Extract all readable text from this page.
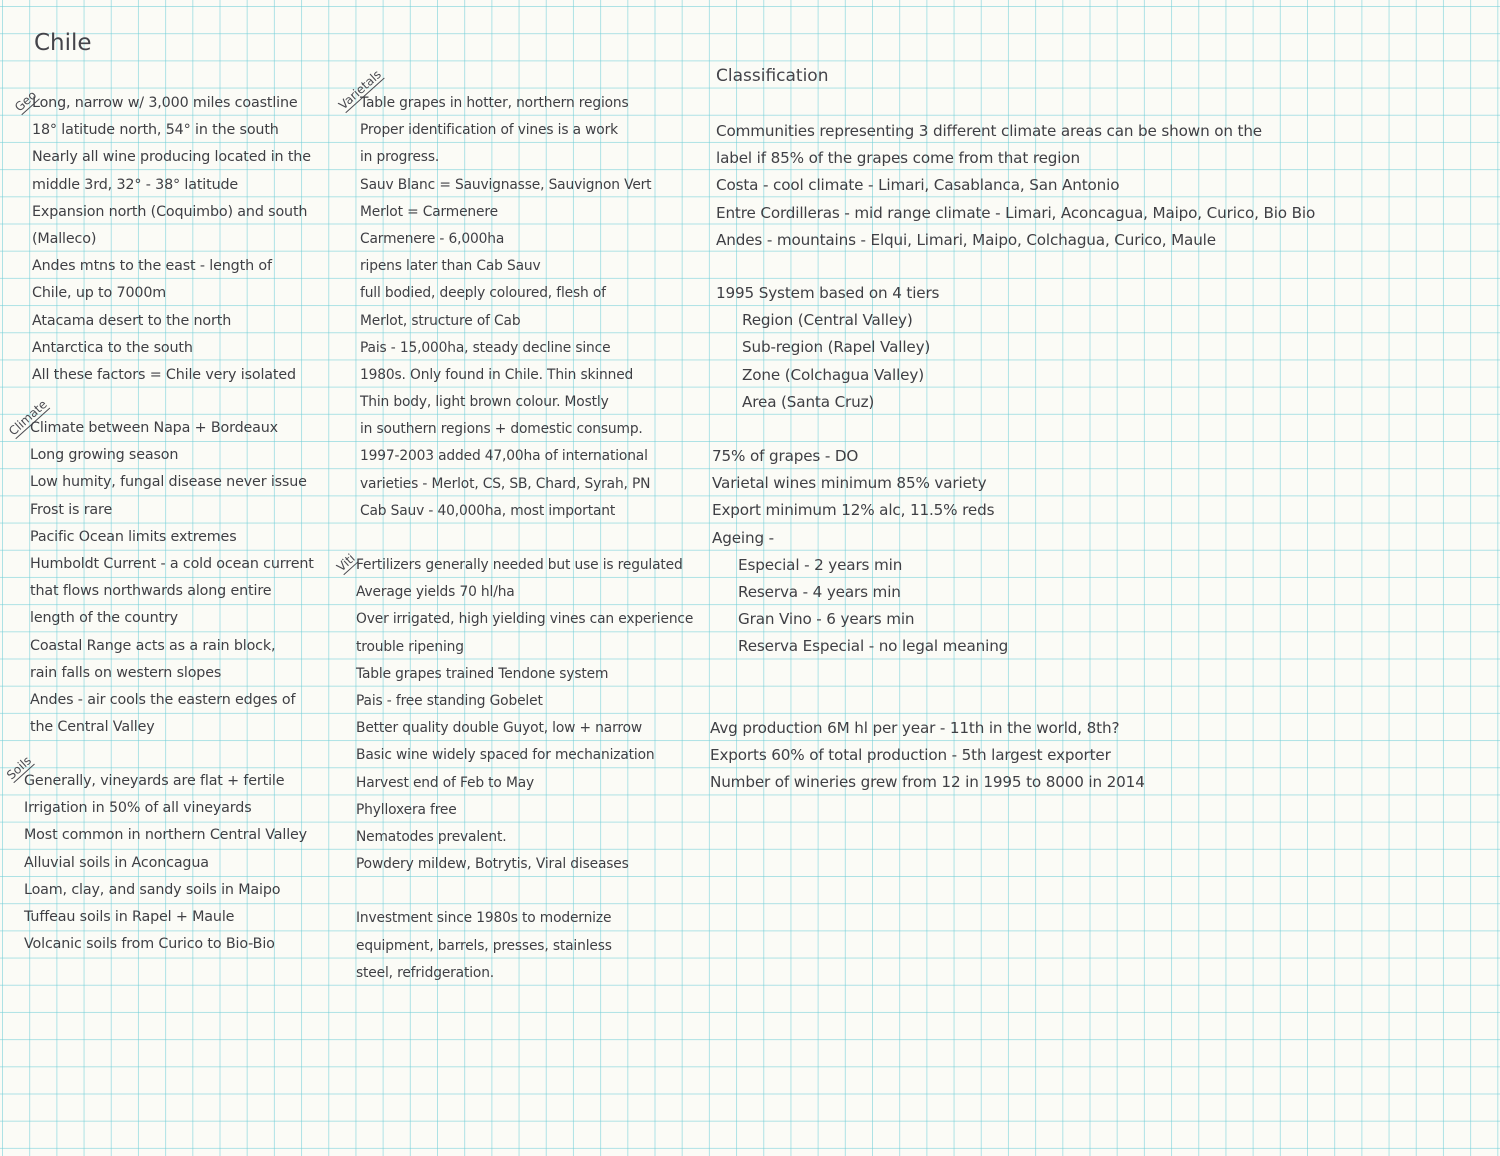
Chile
Geo
Long, narrow w/ 3,000 miles coastline
18° latitude north, 54° in the south
Nearly all wine producing located in the
middle 3rd, 32° - 38° latitude
Expansion north (Coquimbo) and south
(Malleco)
Andes mtns to the east - length of
Chile, up to 7000m
Atacama desert to the north
Antarctica to the south
All these factors = Chile very isolated
Climate
Climate between Napa + Bordeaux
Long growing season
Low humity, fungal disease never issue
Frost is rare
Pacific Ocean limits extremes
Humboldt Current - a cold ocean current
that flows northwards along entire
length of the country
Coastal Range acts as a rain block,
rain falls on western slopes
Andes - air cools the eastern edges of
the Central Valley
Soils
Generally, vineyards are flat + fertile
Irrigation in 50% of all vineyards
Most common in northern Central Valley
Alluvial soils in Aconcagua
Loam, clay, and sandy soils in Maipo
Tuffeau soils in Rapel + Maule
Volcanic soils from Curico to Bio-Bio
Varietals
Table grapes in hotter, northern regions
Proper identification of vines is a work
in progress.
Sauv Blanc = Sauvignasse, Sauvignon Vert
Merlot = Carmenere
Carmenere - 6,000ha
ripens later than Cab Sauv
full bodied, deeply coloured, flesh of
Merlot, structure of Cab
Pais - 15,000ha, steady decline since
1980s. Only found in Chile. Thin skinned
Thin body, light brown colour. Mostly
in southern regions + domestic consump.
1997-2003 added 47,00ha of international
varieties - Merlot, CS, SB, Chard, Syrah, PN
Cab Sauv - 40,000ha, most important
Viti
Fertilizers generally needed but use is regulated
Average yields 70 hl/ha
Over irrigated, high yielding vines can experience
trouble ripening
Table grapes trained Tendone system
Pais - free standing Gobelet
Better quality double Guyot, low + narrow
Basic wine widely spaced for mechanization
Harvest end of Feb to May
Phylloxera free
Nematodes prevalent.
Powdery mildew, Botrytis, Viral diseases
Investment since 1980s to modernize
equipment, barrels, presses, stainless
steel, refridgeration.
Classification
Communities representing 3 different climate areas can be shown on the
label if 85% of the grapes come from that region
Costa - cool climate - Limari, Casablanca, San Antonio
Entre Cordilleras - mid range climate - Limari, Aconcagua, Maipo, Curico, Bio Bio
Andes - mountains - Elqui, Limari, Maipo, Colchagua, Curico, Maule
1995 System based on 4 tiers
Region (Central Valley)
Sub-region (Rapel Valley)
Zone (Colchagua Valley)
Area (Santa Cruz)
75% of grapes - DO
Varietal wines minimum 85% variety
Export minimum 12% alc, 11.5% reds
Ageing -
Especial - 2 years min
Reserva - 4 years min
Gran Vino - 6 years min
Reserva Especial - no legal meaning
Avg production 6M hl per year - 11th in the world, 8th?
Exports 60% of total production - 5th largest exporter
Number of wineries grew from 12 in 1995 to 8000 in 2014
